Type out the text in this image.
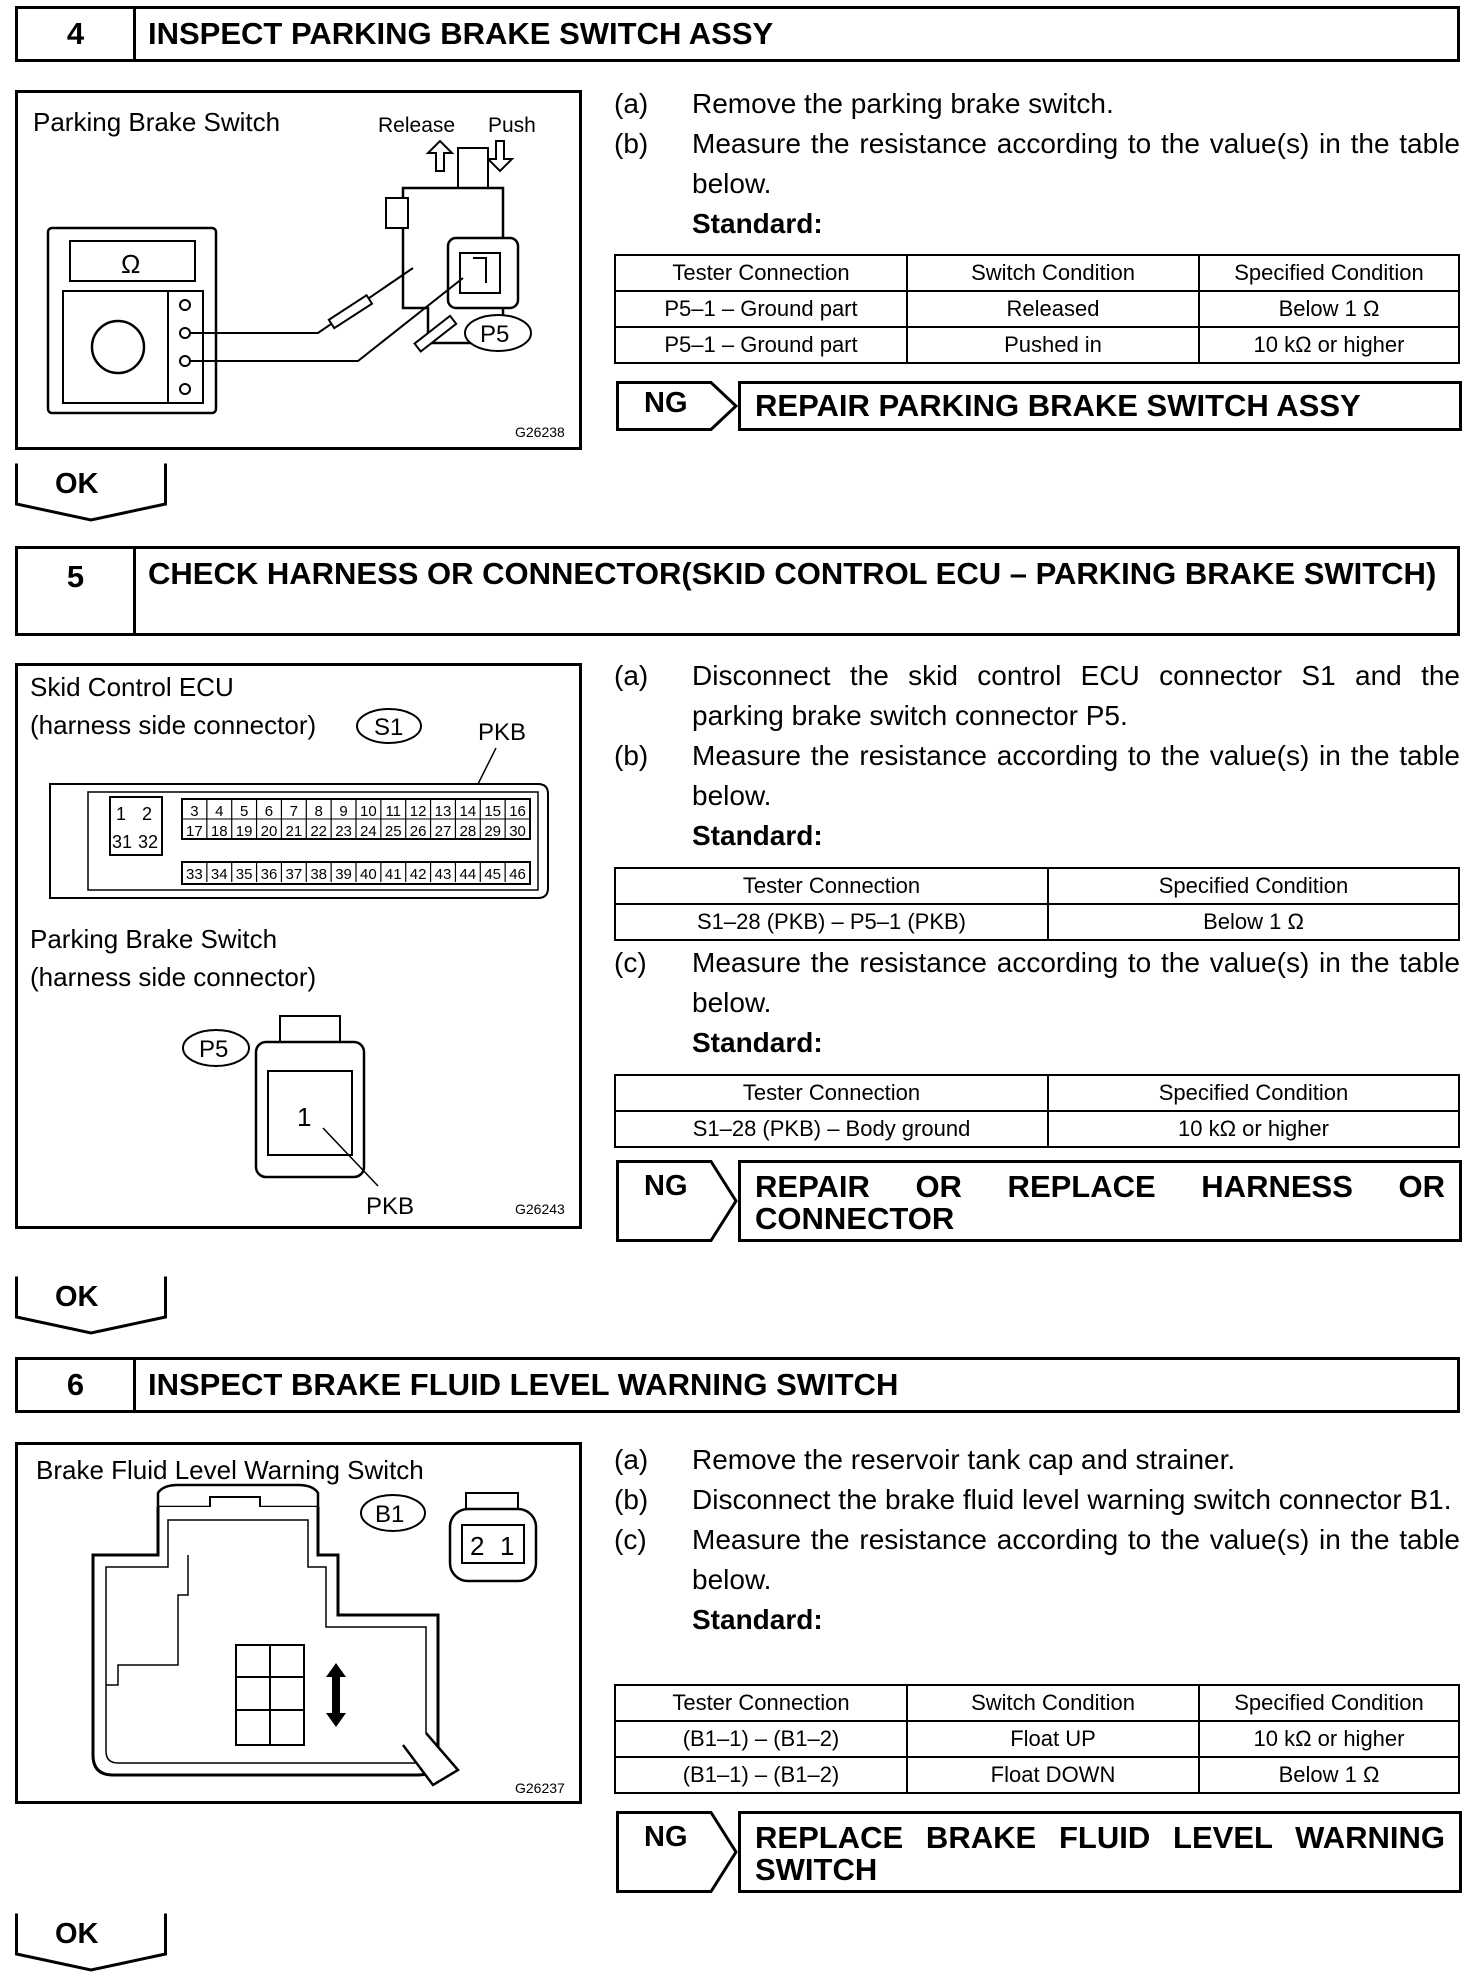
4	INSPECT PARKING BRAKE SWITCH ASSY
Parking Brake Switch	Release Push
Ω
P5
G26238
(a)	Remove the parking brake switch.
(b)	Measure the resistance according to the value(s) in the table below.
Standard:
Tester Connection	Switch Condition	Specified Condition
P5–1 – Ground part	Released	Below 1 Ω
P5–1 – Ground part	Pushed in	10 kΩ or higher
NG	REPAIR PARKING BRAKE SWITCH ASSY
OK
5	CHECK HARNESS OR CONNECTOR(SKID CONTROL ECU – PARKING BRAKE SWITCH)
Skid Control ECU
(harness side connector) S1	PKB
1 2
31 32
3 4 5 6 7 8 9 10 11 12 13 14 15 16
17 18 19 20 21 22 23 24 25 26 27 28 29 30
33 34 35 36 37 38 39 40 41 42 43 44 45 46
Parking Brake Switch
(harness side connector)
P5
1
PKB	G26243
(a)	Disconnect the skid control ECU connector S1 and the parking brake switch connector P5.
(b)	Measure the resistance according to the value(s) in the table below.
Standard:
Tester Connection	Specified Condition
S1–28 (PKB) – P5–1 (PKB)	Below 1 Ω
(c)	Measure the resistance according to the value(s) in the table below.
Standard:
Tester Connection	Specified Condition
S1–28 (PKB) – Body ground	10 kΩ or higher
NG REPAIR OR REPLACE HARNESS OR
CONNECTOR
OK
6	INSPECT BRAKE FLUID LEVEL WARNING SWITCH
Brake Fluid Level Warning Switch
B1
2 1
G26237
(a)	Remove the reservoir tank cap and strainer.
(b)	Disconnect the brake fluid level warning switch connector B1.
(c)	Measure the resistance according to the value(s) in the table below.
Standard:
Tester Connection	Switch Condition	Specified Condition
(B1–1) – (B1–2)	Float UP	10 kΩ or higher
(B1–1) – (B1–2)	Float DOWN	Below 1 Ω
NG REPLACE BRAKE FLUID LEVEL WARNING
SWITCH
OK
